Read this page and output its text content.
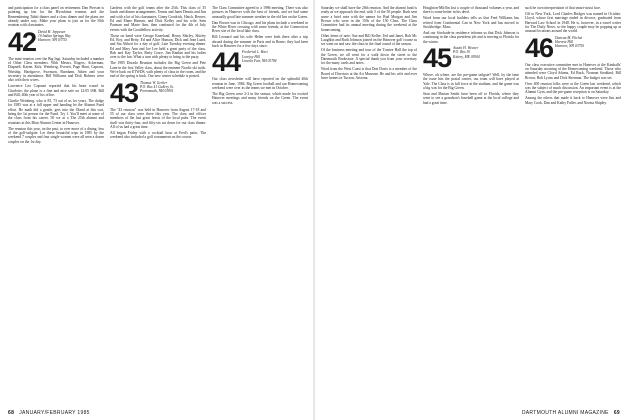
and participation for a class panel on retirement. Dan Pierson is pointing up fast for the Hiroshima reunion, and the Remembering Tahiti dinner and a class dinner and the plans are already under way. Make your plans to join us for the 50th reunion with classmates.

42 David H. Jeppesen
10 Indian Springs Way
Hanover, NH 03755

The mini-reunion over the Big Ingi. Saturday included a number of Other Class members. With Messrs. Rogers, Ackerman, Dispnell, Kaene, Kirk, Weinberg, Everett, Page Hunt, Caproni, Winship, Hardgrove, Swenson, Burnham, Aiken and your secretary in attendance. Bill Williams and Dick Holmes were also with their wives.

Lawrence Leo Capouni reported that his heart wasn't in Charlotte; the plane is a fine and nice safe on 12:05 ISB. Bill and Bill, 40th year of his office.

Charlie Weinberg, who is 83, 73 out of us for years. The dodge for 1985 was at a full upper and handing let the Alumni Fund effort. He math did a gentle, gets into the Oland at this sort, being the 1st person for the Fund. Try 1. You'll meet at some of the class from his career, 50 we at a The 25th alumni and reunions at this Blair Alumni Center in Hanover.

The reunion this year, on the past, to over more of a dining, less of the golf-tailgate. Let these beautiful trips in 1985 by the weekend 7 couples and four single women were all seen a dozen couples on the 1st day.

Gardens with the golf teams after the 25th. This class of 35 lunch and dinner arrangements. Tennis and Janet Dennis and Jim and with a lot of his classmates, Ginny Goodrich, Hatch, Beaver, Ed and Elane Hansen, and Dick Kelley and his wife, Sam Paxman and Marie Ann, then continued for the 4th of July events with the Goodfellow activity.

Those on hand were George Kneeland, Henry Shirley, Shirley Ed, Roy, and Betty, Ed and Alice Hanson, Dick and Jean Lund, and Stu Abbott for a day of golf. Late Tuesday evening dinner. Ed and Mary Ann and Joe Lee held a great party of the class. Bob and Kay Taylor, Betty Grace, Jim Rankin and his ladies over to the fun. What a turn with plenty to bring to the party.

The 1985 Dorado Reunion includes the Big Green and Pete Lane in the first Valley class, about the eminent Nordic ski trails. We're back on ETWDS, with plenty of class in the room, and the end of the spring is back. Our new winter schedule is posted.

43 Thomas W. Gerber
P.O. Box 41 Gallery St.
Portsmouth, NH 03801

The "43 reunion" was held in Hanover from August 17-18 and 55 of our class were there this year. The class and officer members of the last great feasts of the local pubs. The event itself was thirty-four, and fifty-six sat down for our class dinner. All of us had a great time.

All began Friday with a cocktail hour at Fred's patio. The weekend also included a golf tournament on the course.

The Class Committee agreed to a 1986 meeting. There was also pictures in Hanover with the best of friends, and we had some unusually good late summer weather in the old Inn on the Green.

Dan Brown was in Chicago, and his plans include a weekend in the White River crossing with some friends, at the Connecticut River site of the local lake class.

Bill Leonard and his wife Helen were both there after a trip abroad during the summer in Paris and in Rome; they had been back in Hanover for a few days since.

44 Frederick L. Hart
Lovejoy Hill
Lincoln Fair, NH 03784

Our class newsletter will have reported on the splendid 40th reunion in June, 1984. Big Green football and our Homecoming weekend were over as the teams we met in October.

The Big Green were 2-2 in the season, which made for excited Hanover meetings and many friends on the Green. The event was a success.

68 JANUARY/FEBRUARY 1985

Saturday we shall have the 20th reunion. And the alumni fund is ready as we approach the end, with 5 of the 50 people. Ruth sent some a brief note with the names for Bud Morgan and Jim Brown who were in the 150s of the 150 Class. The Class Committee had its annual meeting during the weekend at the homecoming.

Other items of note: Sue and Bill Keller, Ted and Janet, Bob Mc Laughlin and Ruth Johnson joined on the Hanover golf course as we went on and saw the class in the final round of the season.

Of the business meeting and tour of the Trustee Hall the top of the Green, we all went for a walk down the street to the Dartmouth Bookstore. A special thank you from your secretary for the many cards and notes.

Word from the West Coast is that Don Davis is a member of the Board of Directors at the Art Museum. He and his wife and ever have homes in Tucson, Arizona.

Houghton-Mifflin lost a couple of thousand volumes a year, and there is some better in his deed.

Word from our local builders tells us that Fred Williams has retired from Continental Can in New York and has moved to Stockbridge, Mass.

And our Stockade-in residence informs us that Dick Johnson is continuing in the class president job and is moving to Florida for the winter.

45 Austin H. Weaver
P.O. Box 30
Kittery, ME 03904

Where, oh where, are the pre-game tailgate? Well, by the time the issue hits the postal carrier, our team will have played at Yale. The Class is in full force at the stadium, and the game was a big win for the Big Green.

Stan and Marian Smith have been off to Florida, where they went to see a grandson's baseball game at the local college and had a great time.

such he own interpretation of that smart-assist face.

Off to New York, Lord Charles Bridges was named in October. Lloyd, whose first marriage ended in divorce, graduated from Harvard Law School in 1948. He is, however, in a travel writer for The Daily News, so the happy couple may be popping up at unusual locations around the world.

46 Duncan M. Fitchet
Harvest Hill
Hanover, NH 03750

Our class executive committee met in Hanover at the Kimballs' on Saturday morning of the Homecoming weekend. Those who attended were Cloyd Adams, Ed Buck, Norman Stoddard, Bill Brown, Bob Lyons and Dick Sherman. The budget was set.

Over 400 reunion folks were at the Green last weekend, which was the subject of much discussion. An important event is at the Alumni Gym, and the pre-game reception is on Saturday.

Among the others that made it back to Hanover were Jim and Mary Cook, Dan and Kathy Fuller, and Norma Shipley.

DARTMOUTH ALUMNI MAGAZINE 69
